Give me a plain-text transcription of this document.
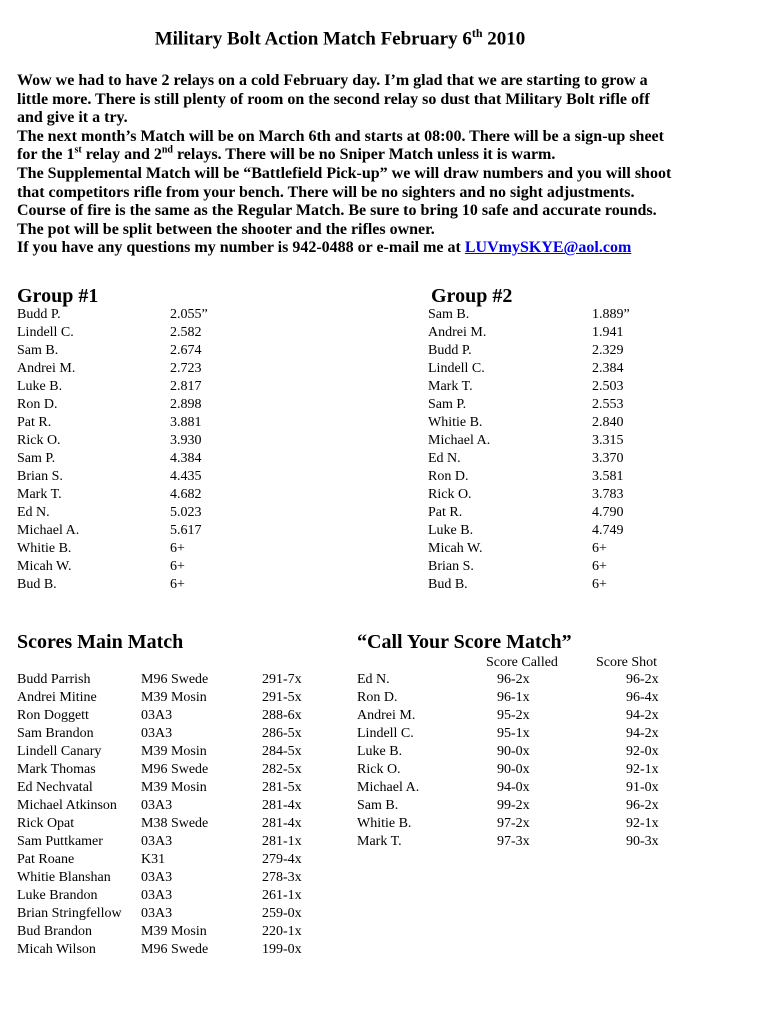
Military Bolt Action Match February 6th 2010

Wow we had to have 2 relays on a cold February day. I’m glad that we are starting to grow a

little more. There is still plenty of room on the second relay so dust that Military Bolt rifle off

and give it a try.

The next month’s Match will be on March 6th and starts at 08:00. There will be a sign-up sheet

for the 1st relay and 2nd relays. There will be no Sniper Match unless it is warm.

The Supplemental Match will be “Battlefield Pick-up” we will draw numbers and you will shoot

that competitors rifle from your bench. There will be no sighters and no sight adjustments.

Course of fire is the same as the Regular Match. Be sure to bring 10 safe and accurate rounds.

The pot will be split between the shooter and the rifles owner.

If you have any questions my number is 942-0488 or e-mail me at LUVmySKYE@aol.com

Group #1	Group #2
Budd P.	2.055”
Lindell C.	2.582
Sam B.	2.674
Andrei M.	2.723
Luke B.	2.817
Ron D.	2.898
Pat R.	3.881
Rick O.	3.930
Sam P.	4.384
Brian S.	4.435
Mark T.	4.682
Ed N.	5.023
Michael A.	5.617
Whitie B.	6+
Micah W.	6+
Bud B.	6+
Sam B.	1.889”
Andrei M.	1.941
Budd P.	2.329
Lindell C.	2.384
Mark T.	2.503
Sam P.	2.553
Whitie B.	2.840
Michael A.	3.315
Ed N.	3.370
Ron D.	3.581
Rick O.	3.783
Pat R.	4.790
Luke B.	4.749
Micah W.	6+
Brian S.	6+
Bud B.	6+
Scores Main Match	“Call Your Score Match”
Score Called	Score Shot
Budd Parrish	M96 Swede	291-7x
Andrei Mitine	M39 Mosin	291-5x
Ron Doggett	03A3	288-6x
Sam Brandon	03A3	286-5x
Lindell Canary	M39 Mosin	284-5x
Mark Thomas	M96 Swede	282-5x
Ed Nechvatal	M39 Mosin	281-5x
Michael Atkinson 03A3	281-4x
Rick Opat	M38 Swede	281-4x
Sam Puttkamer	03A3	281-1x
Pat Roane	K31	279-4x
Whitie Blanshan 03A3	278-3x
Luke Brandon	03A3	261-1x
Brian Stringfellow 03A3	259-0x
Bud Brandon	M39 Mosin	220-1x
Micah Wilson	M96 Swede	199-0x
Ed N.	96-2x	96-2x
Ron D.	96-1x	96-4x
Andrei M.	95-2x	94-2x
Lindell C.	95-1x	94-2x
Luke B.	90-0x	92-0x
Rick O.	90-0x	92-1x
Michael A.	94-0x	91-0x
Sam B.	99-2x	96-2x
Whitie B.	97-2x	92-1x
Mark T.	97-3x	90-3x
